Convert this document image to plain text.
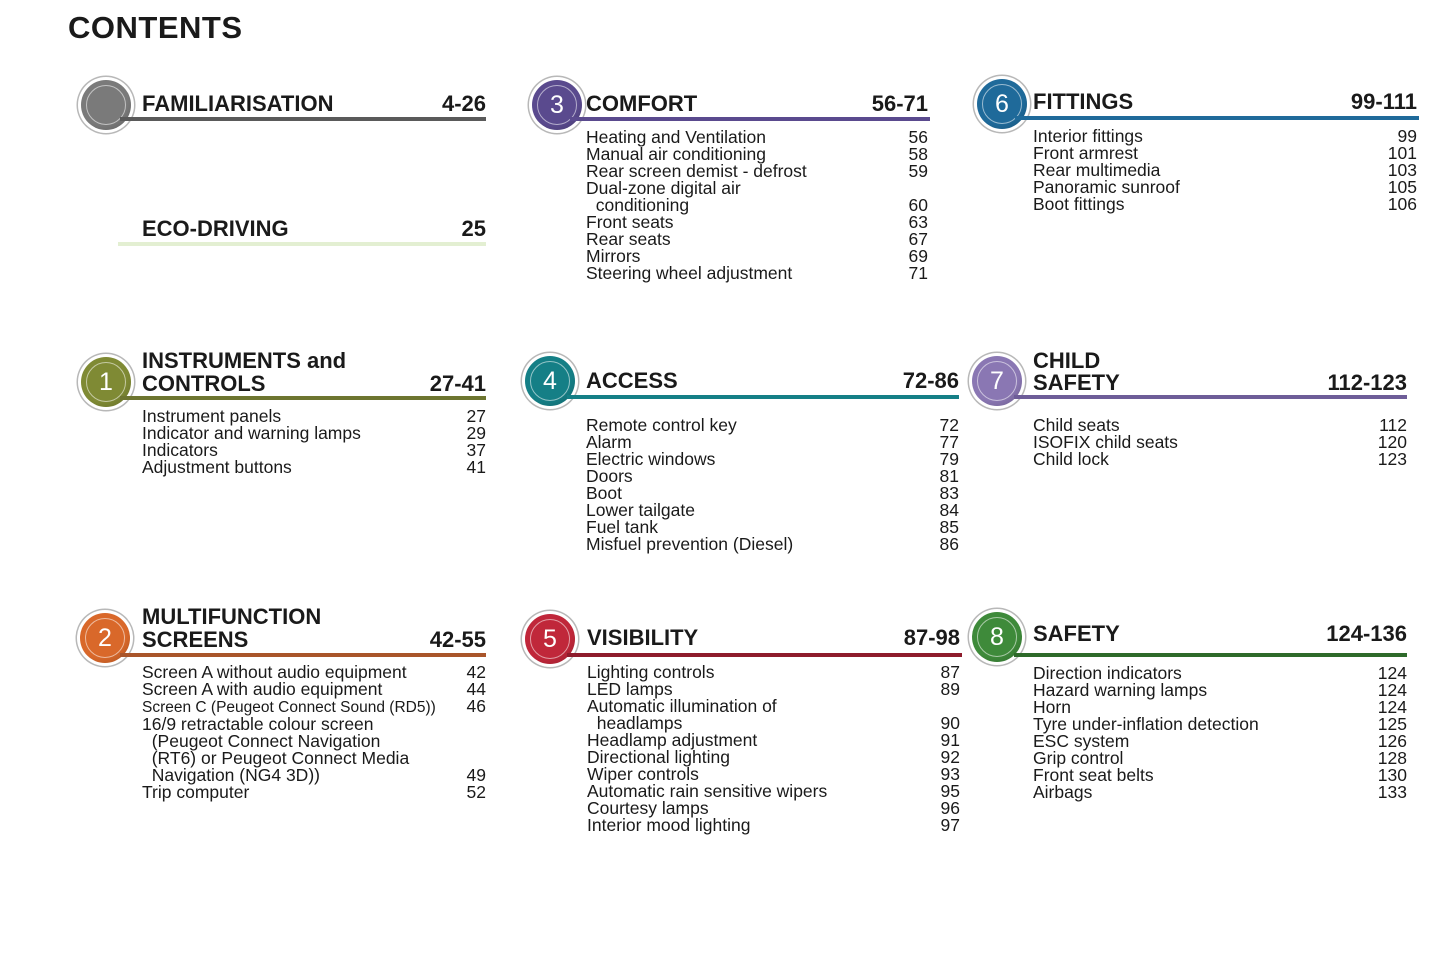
CONTENTS
FAMILIARISATION	4-26
ECO-DRIVING	25
3	COMFORT	56-71
Heating and Ventilation	56
Manual air conditioning	58
Rear screen demist - defrost	59
Dual-zone digital air
conditioning	60
Front seats	63
Rear seats	67
Mirrors	69
Steering wheel adjustment	71
6	FITTINGS	99-111
Interior fittings	99
Front armrest	101
Rear multimedia	103
Panoramic sunroof	105
Boot fittings	106
1
INSTRUMENTS and
CONTROLS	27-41
Instrument panels	27
Indicator and warning lamps	29
Indicators	37
Adjustment buttons	41
4	ACCESS	72-86
Remote control key	72
Alarm	77
Electric windows	79
Doors	81
Boot	83
Lower tailgate	84
Fuel tank	85
Misfuel prevention (Diesel)	86
7
CHILD
SAFETY	112-123
Child seats	112
ISOFIX child seats	120
Child lock	123
2
MULTIFUNCTION
SCREENS	42-55
Screen A without audio equipment	42
Screen A with audio equipment	44
Screen C (Peugeot Connect Sound (RD5))	46
16/9 retractable colour screen
(Peugeot Connect Navigation
(RT6) or Peugeot Connect Media
Navigation (NG4 3D))	49
Trip computer	52
5	VISIBILITY	87-98
Lighting controls	87
LED lamps	89
Automatic illumination of
headlamps	90
Headlamp adjustment	91
Directional lighting	92
Wiper controls	93
Automatic rain sensitive wipers	95
Courtesy lamps	96
Interior mood lighting	97
8	SAFETY	124-136
Direction indicators	124
Hazard warning lamps	124
Horn	124
Tyre under-inflation detection	125
ESC system	126
Grip control	128
Front seat belts	130
Airbags	133
